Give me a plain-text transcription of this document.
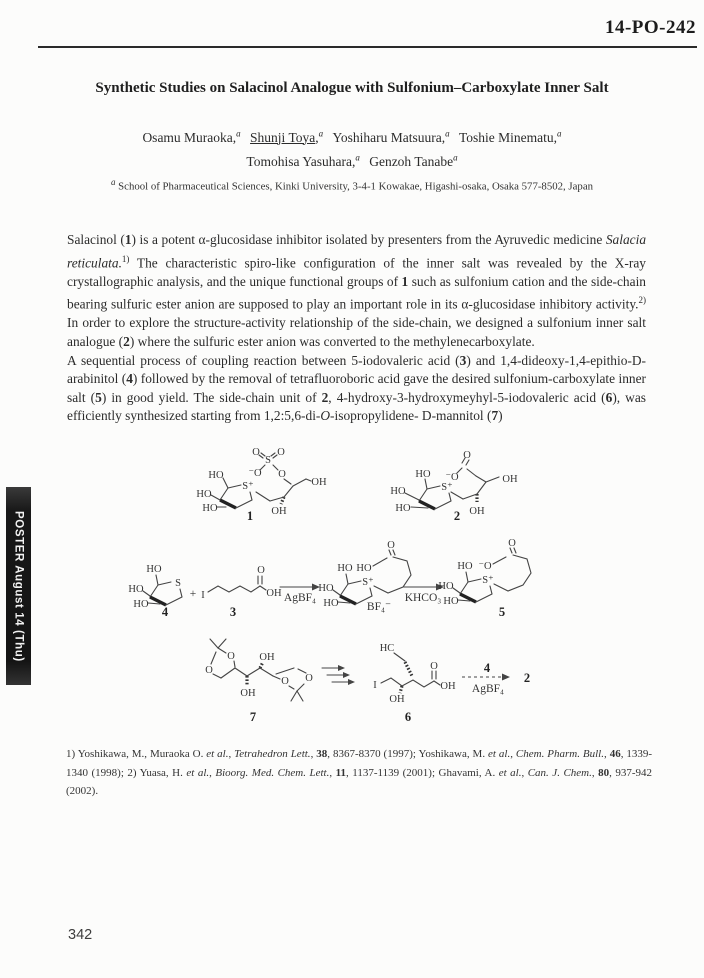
14-PO-242
Synthetic Studies on Salacinol Analogue with Sulfonium–Carboxylate Inner Salt
Osamu Muraoka,$^a$ Shunji Toya,$^a$ Yoshiharu Matsuura,$^a$ Toshie Minematu,$^a$
Tomohisa Yasuhara,$^a$ Genzoh Tanabe$^a$
$^a$ School of Pharmaceutical Sciences, Kinki University, 3-4-1 Kowakae, Higashi-osaka, Osaka 577-8502, Japan

Salacinol (1) is a potent α-glucosidase inhibitor isolated by presenters from the Ayruvedic medicine Salacia reticulata.$^{1)}$ The characteristic spiro-like configuration of the inner salt was revealed by the X-ray crystallographic analysis, and the unique functional groups of 1 such as sulfonium cation and the side-chain bearing sulfuric ester anion are supposed to play an important role in its α-glucosidase inhibitory activity.$^{2)}$ In order to explore the structure-activity relationship of the side-chain, we designed a sulfonium inner salt analogue (2) where the sulfuric ester anion was converted to the methylenecarboxylate.

A sequential process of coupling reaction between 5-iodovaleric acid (3) and 1,4-dideoxy-1,4-epithio-D-arabinitol (4) followed by the removal of tetrafluoroboric acid gave the desired sulfonium-carboxylate inner salt (5) in good yield. The side-chain unit of 2, 4-hydroxy-3-hydroxymeyhyl-5-iodovaleric acid (6), was efficiently synthesized starting from 1,2:5,6-di-O-isopropylidene- D-mannitol (7)

HO
HO
HO
S⁺
S
O O
⁻O O
OH
OH
1
HO
HO
HO
S⁺
O
⁻O	OH
OH
2
HO
HO
HO
S
4
+ I
O
OH
3
AgBF₄
HO
HO
HO
S⁺
O
HO
BF₄⁻
KHCO₃
HO
HO
HO
S⁺
O
⁻O
5
O
O
OH
OH
O O
7
HC
I
OH
O
OH
6
4
AgBF₄
2
1) Yoshikawa, M., Muraoka O. et al., Tetrahedron Lett., 38, 8367-8370 (1997); Yoshikawa, M. et al., Chem. Pharm. Bull., 46, 1339-1340 (1998); 2) Yuasa, H. et al., Bioorg. Med. Chem. Lett., 11, 1137-1139 (2001); Ghavami, A. et al., Can. J. Chem., 80, 937-942 (2002).
POSTER August 14 (Thu)
342
